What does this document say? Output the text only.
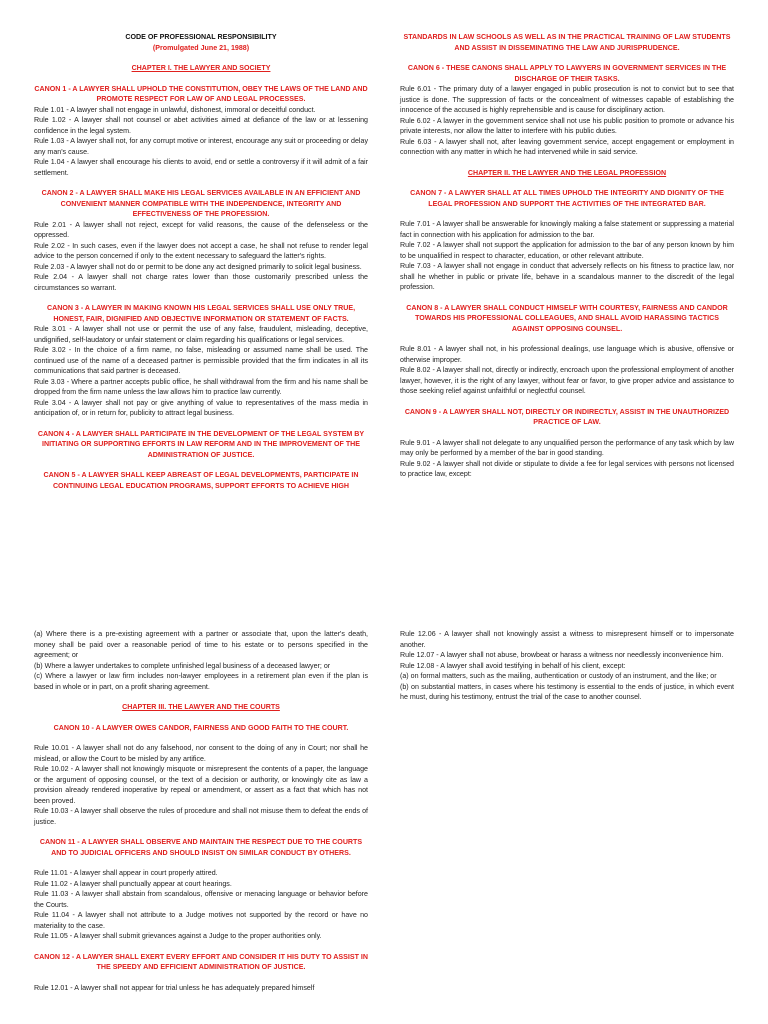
CODE OF PROFESSIONAL RESPONSIBILITY
(Promulgated June 21, 1988)
CHAPTER I. THE LAWYER AND SOCIETY
CANON 1 - A LAWYER SHALL UPHOLD THE CONSTITUTION, OBEY THE LAWS OF THE LAND AND PROMOTE RESPECT FOR LAW OF AND LEGAL PROCESSES.

Rule 1.01 - A lawyer shall not engage in unlawful, dishonest, immoral or deceitful conduct.

Rule 1.02 - A lawyer shall not counsel or abet activities aimed at defiance of the law or at lessening confidence in the legal system.

Rule 1.03 - A lawyer shall not, for any corrupt motive or interest, encourage any suit or proceeding or delay any man's cause.

Rule 1.04 - A lawyer shall encourage his clients to avoid, end or settle a controversy if it will admit of a fair settlement.

CANON 2 - A LAWYER SHALL MAKE HIS LEGAL SERVICES AVAILABLE IN AN EFFICIENT AND CONVENIENT MANNER COMPATIBLE WITH THE INDEPENDENCE, INTEGRITY AND EFFECTIVENESS OF THE PROFESSION.

Rule 2.01 - A lawyer shall not reject, except for valid reasons, the cause of the defenseless or the oppressed.

Rule 2.02 - In such cases, even if the lawyer does not accept a case, he shall not refuse to render legal advice to the person concerned if only to the extent necessary to safeguard the latter's rights.

Rule 2.03 - A lawyer shall not do or permit to be done any act designed primarily to solicit legal business.

Rule 2.04 - A lawyer shall not charge rates lower than those customarily prescribed unless the circumstances so warrant.

CANON 3 - A LAWYER IN MAKING KNOWN HIS LEGAL SERVICES SHALL USE ONLY TRUE, HONEST, FAIR, DIGNIFIED AND OBJECTIVE INFORMATION OR STATEMENT OF FACTS.

Rule 3.01 - A lawyer shall not use or permit the use of any false, fraudulent, misleading, deceptive, undignified, self-laudatory or unfair statement or claim regarding his qualifications or legal services.

Rule 3.02 - In the choice of a firm name, no false, misleading or assumed name shall be used. The continued use of the name of a deceased partner is permissible provided that the firm indicates in all its communications that said partner is deceased.

Rule 3.03 - Where a partner accepts public office, he shall withdrawal from the firm and his name shall be dropped from the firm name unless the law allows him to practice law currently.

Rule 3.04 - A lawyer shall not pay or give anything of value to representatives of the mass media in anticipation of, or in return for, publicity to attract legal business.

CANON 4 - A LAWYER SHALL PARTICIPATE IN THE DEVELOPMENT OF THE LEGAL SYSTEM BY INITIATING OR SUPPORTING EFFORTS IN LAW REFORM AND IN THE IMPROVEMENT OF THE ADMINISTRATION OF JUSTICE.
CANON 5 - A LAWYER SHALL KEEP ABREAST OF LEGAL DEVELOPMENTS, PARTICIPATE IN CONTINUING LEGAL EDUCATION PROGRAMS, SUPPORT EFFORTS TO ACHIEVE HIGH
STANDARDS IN LAW SCHOOLS AS WELL AS IN THE PRACTICAL TRAINING OF LAW STUDENTS AND ASSIST IN DISSEMINATING THE LAW AND JURISPRUDENCE.
CANON 6 - THESE CANONS SHALL APPLY TO LAWYERS IN GOVERNMENT SERVICES IN THE DISCHARGE OF THEIR TASKS.

Rule 6.01 - The primary duty of a lawyer engaged in public prosecution is not to convict but to see that justice is done. The suppression of facts or the concealment of witnesses capable of establishing the innocence of the accused is highly reprehensible and is cause for disciplinary action.

Rule 6.02 - A lawyer in the government service shall not use his public position to promote or advance his private interests, nor allow the latter to interfere with his public duties.

Rule 6.03 - A lawyer shall not, after leaving government service, accept engagement or employment in connection with any matter in which he had intervened while in said service.

CHAPTER II. THE LAWYER AND THE LEGAL PROFESSION
CANON 7 - A LAWYER SHALL AT ALL TIMES UPHOLD THE INTEGRITY AND DIGNITY OF THE LEGAL PROFESSION AND SUPPORT THE ACTIVITIES OF THE INTEGRATED BAR.

Rule 7.01 - A lawyer shall be answerable for knowingly making a false statement or suppressing a material fact in connection with his application for admission to the bar.

Rule 7.02 - A lawyer shall not support the application for admission to the bar of any person known by him to be unqualified in respect to character, education, or other relevant attribute.

Rule 7.03 - A lawyer shall not engage in conduct that adversely reflects on his fitness to practice law, nor shall he whether in public or private life, behave in a scandalous manner to the discredit of the legal profession.

CANON 8 - A LAWYER SHALL CONDUCT HIMSELF WITH COURTESY, FAIRNESS AND CANDOR TOWARDS HIS PROFESSIONAL COLLEAGUES, AND SHALL AVOID HARASSING TACTICS AGAINST OPPOSING COUNSEL.

Rule 8.01 - A lawyer shall not, in his professional dealings, use language which is abusive, offensive or otherwise improper.

Rule 8.02 - A lawyer shall not, directly or indirectly, encroach upon the professional employment of another lawyer, however, it is the right of any lawyer, without fear or favor, to give proper advice and assistance to those seeking relief against unfaithful or neglectful counsel.

CANON 9 - A LAWYER SHALL NOT, DIRECTLY OR INDIRECTLY, ASSIST IN THE UNAUTHORIZED PRACTICE OF LAW.

Rule 9.01 - A lawyer shall not delegate to any unqualified person the performance of any task which by law may only be performed by a member of the bar in good standing.

Rule 9.02 - A lawyer shall not divide or stipulate to divide a fee for legal services with persons not licensed to practice law, except:

(a) Where there is a pre-existing agreement with a partner or associate that, upon the latter's death, money shall be paid over a reasonable period of time to his estate or to persons specified in the agreement; or

(b) Where a lawyer undertakes to complete unfinished legal business of a deceased lawyer; or

(c) Where a lawyer or law firm includes non-lawyer employees in a retirement plan even if the plan is based in whole or in part, on a profit sharing agreement.

CHAPTER III. THE LAWYER AND THE COURTS
CANON 10 - A LAWYER OWES CANDOR, FAIRNESS AND GOOD FAITH TO THE COURT.

Rule 10.01 - A lawyer shall not do any falsehood, nor consent to the doing of any in Court; nor shall he mislead, or allow the Court to be misled by any artifice.

Rule 10.02 - A lawyer shall not knowingly misquote or misrepresent the contents of a paper, the language or the argument of opposing counsel, or the text of a decision or authority, or knowingly cite as law a provision already rendered inoperative by repeal or amendment, or assert as a fact that which has not been proved.

Rule 10.03 - A lawyer shall observe the rules of procedure and shall not misuse them to defeat the ends of justice.

CANON 11 - A LAWYER SHALL OBSERVE AND MAINTAIN THE RESPECT DUE TO THE COURTS AND TO JUDICIAL OFFICERS AND SHOULD INSIST ON SIMILAR CONDUCT BY OTHERS.

Rule 11.01 - A lawyer shall appear in court properly attired.

Rule 11.02 - A lawyer shall punctually appear at court hearings.

Rule 11.03 - A lawyer shall abstain from scandalous, offensive or menacing language or behavior before the Courts.

Rule 11.04 - A lawyer shall not attribute to a Judge motives not supported by the record or have no materiality to the case.

Rule 11.05 - A lawyer shall submit grievances against a Judge to the proper authorities only.

CANON 12 - A LAWYER SHALL EXERT EVERY EFFORT AND CONSIDER IT HIS DUTY TO ASSIST IN THE SPEEDY AND EFFICIENT ADMINISTRATION OF JUSTICE.

Rule 12.01 - A lawyer shall not appear for trial unless he has adequately prepared himself

Rule 12.06 - A lawyer shall not knowingly assist a witness to misrepresent himself or to impersonate another.

Rule 12.07 - A lawyer shall not abuse, browbeat or harass a witness nor needlessly inconvenience him.

Rule 12.08 - A lawyer shall avoid testifying in behalf of his client, except:

(a) on formal matters, such as the mailing, authentication or custody of an instrument, and the like; or

(b) on substantial matters, in cases where his testimony is essential to the ends of justice, in which event he must, during his testimony, entrust the trial of the case to another counsel.
